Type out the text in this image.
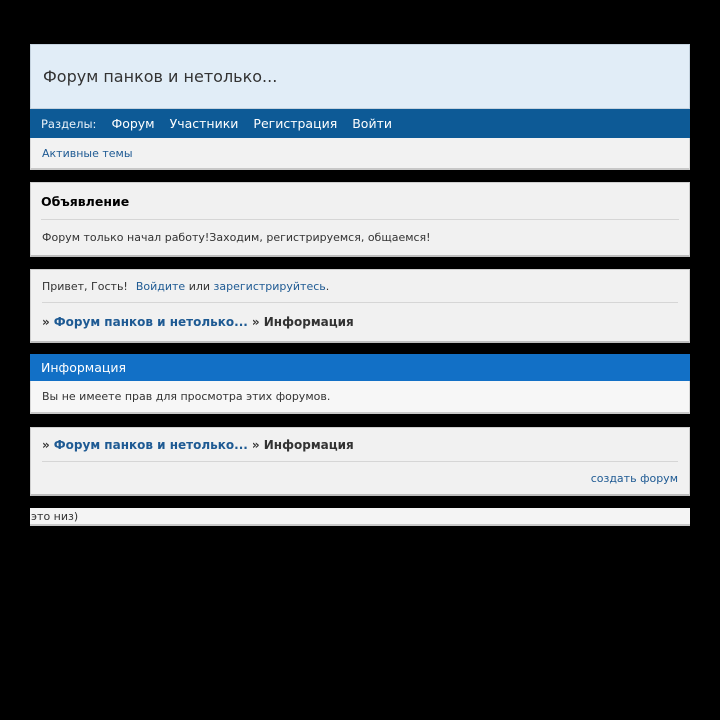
Форум панков и нетолько...
Разделы: Форум Участники Регистрация Войти
Активные темы
Объявление
Форум только начал работу!Заходим, регистрируемся, общаемся!
Привет, Гость! Войдите
или
зарегистрируйтесь .
» Форум панков и нетолько... »
Информация
Информация
Вы не имеете прав для просмотра этих форумов.
» Форум панков и нетолько... »
Информация
создать форум
это низ)
